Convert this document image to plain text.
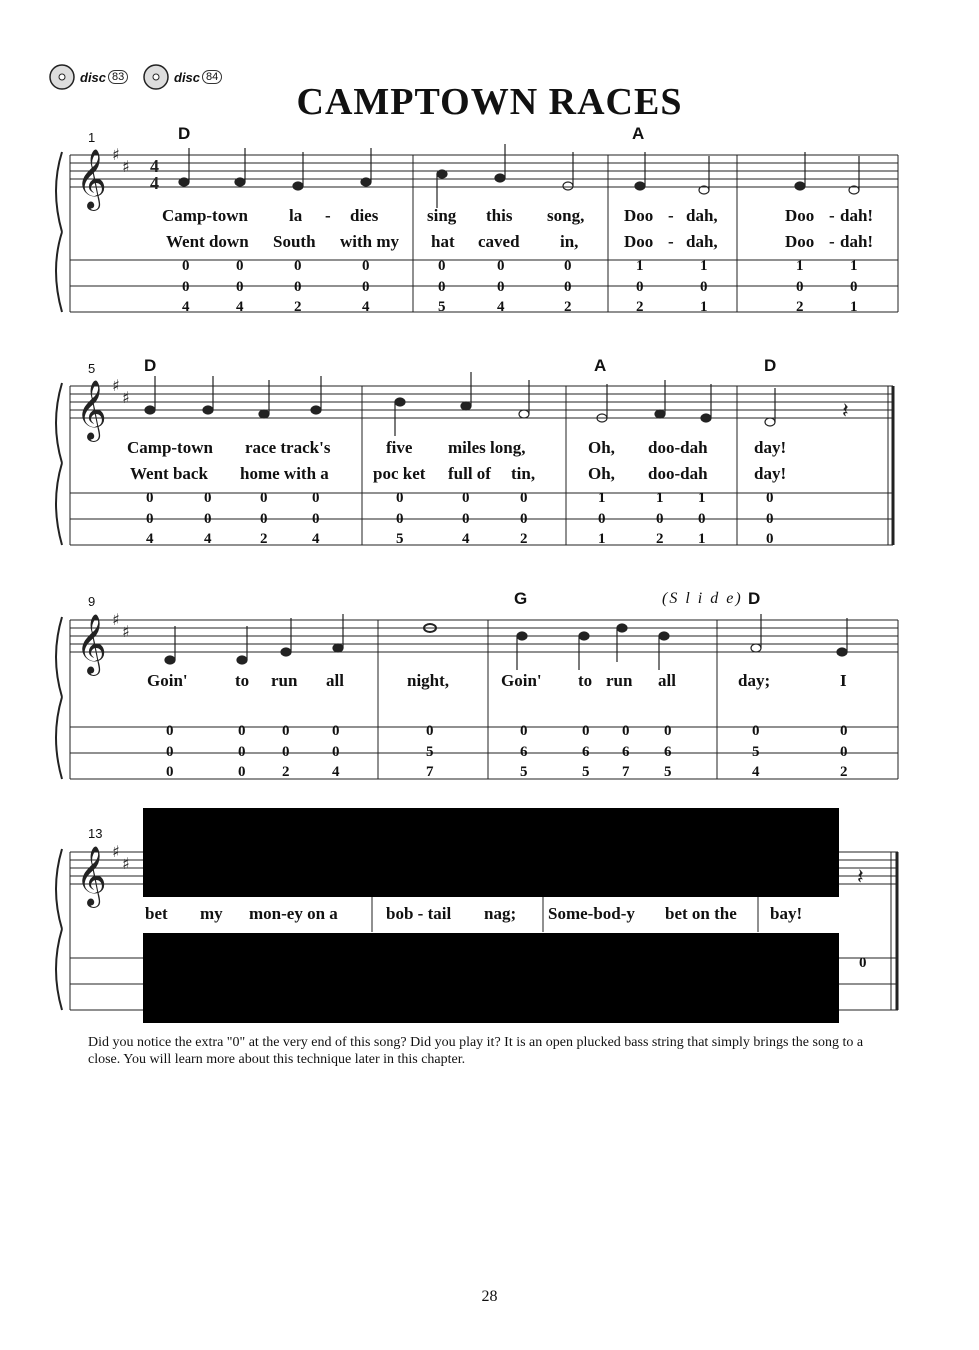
disc 83	disc 84
CAMPTOWN RACES
𝄞
𝄞
𝄞
𝄞
♯
♯
♯
♯
♯
♯
♯
♯
4
4
𝄽
𝄽
1	D	A
Camp-town la - dies	sing this song, Doo - dah,	Doo - dah!
Went down South with my hat caved in,	Doo - dah,	Doo - dah!
0	0	0	0	0	0	0	1	1	1	1
0	0	0	0	0	0	0	0	0	0	0
4	4	2	4	5	4	2	2	1	2	1
5	D	A	D
Camp-town race track's	five miles long,	Oh, doo-dah	day!
Went back home with a	poc ket full of tin,	Oh, doo-dah	day!
0	0	0	0	0	0	0	1	1 1	0
0	0	0	0	0	0	0	0	0 0	0
4	4	2	4	5	4	2	1	2 1	0
9	G	(S l i d e) D
Goin'	to run all	night,	Goin' to run all	day;	I
0	0 0	0	0	0	0 0 0	0	0
0	0 0	0	5	6	6 6 6	5	0
0	0 2	4	7	5	5 7 5	4	2
13
bet my mon-ey on a	bob - tail nag; Some-bod-y bet on the bay!
0
Did you notice the extra "0" at the very end of this song? Did you play it? It is an open plucked bass string that simply brings the song to a close. You will learn more about this technique later in this chapter.
28
